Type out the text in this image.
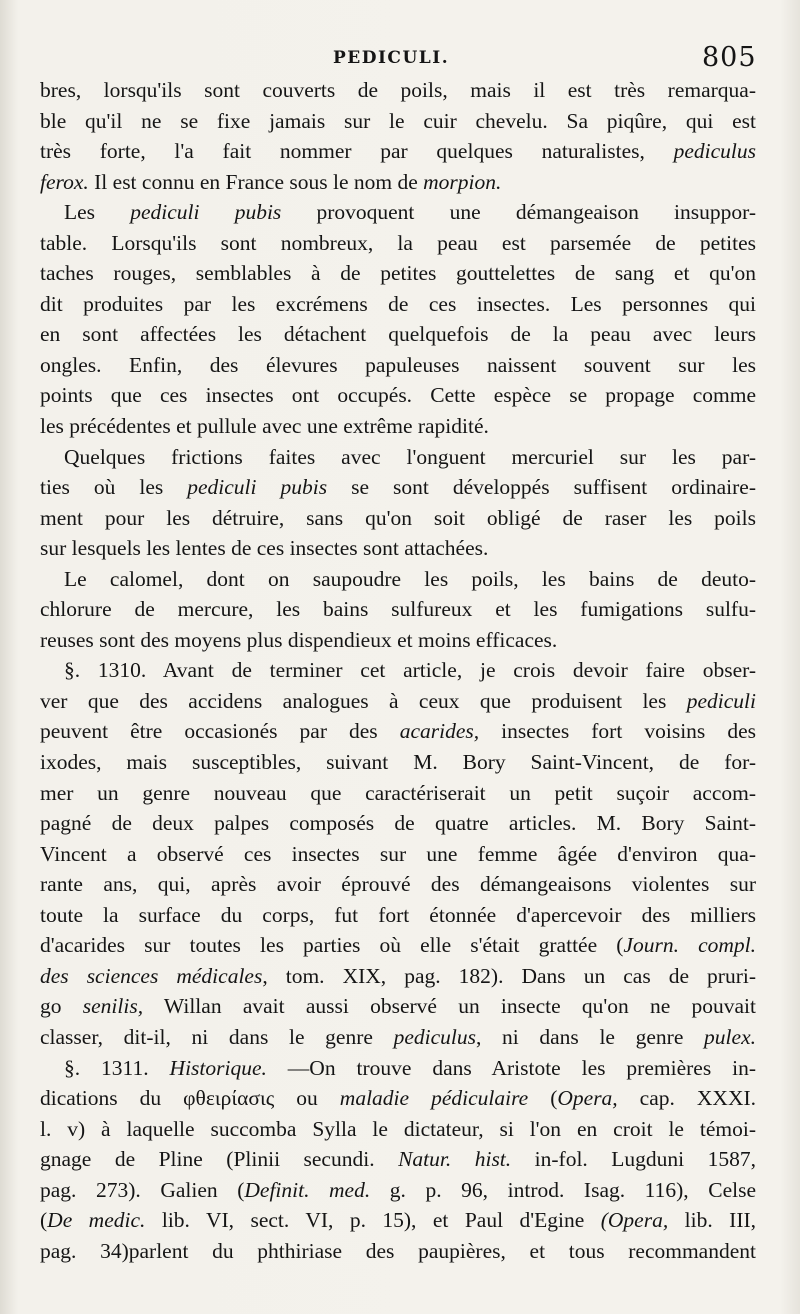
PEDICULI.	805
bres, lorsqu'ils sont couverts de poils, mais il est très remarqua-
ble qu'il ne se fixe jamais sur le cuir chevelu. Sa piqûre, qui est
très forte, l'a fait nommer par quelques naturalistes, pediculus
ferox. Il est connu en France sous le nom de morpion.
Les pediculi pubis provoquent une démangeaison insuppor-
table. Lorsqu'ils sont nombreux, la peau est parsemée de petites
taches rouges, semblables à de petites gouttelettes de sang et qu'on
dit produites par les excrémens de ces insectes. Les personnes qui
en sont affectées les détachent quelquefois de la peau avec leurs
ongles. Enfin, des élevures papuleuses naissent souvent sur les
points que ces insectes ont occupés. Cette espèce se propage comme
les précédentes et pullule avec une extrême rapidité.
Quelques frictions faites avec l'onguent mercuriel sur les par-
ties où les pediculi pubis se sont développés suffisent ordinaire-
ment pour les détruire, sans qu'on soit obligé de raser les poils
sur lesquels les lentes de ces insectes sont attachées.
Le calomel, dont on saupoudre les poils, les bains de deuto-
chlorure de mercure, les bains sulfureux et les fumigations sulfu-
reuses sont des moyens plus dispendieux et moins efficaces.
§. 1310. Avant de terminer cet article, je crois devoir faire obser-
ver que des accidens analogues à ceux que produisent les pediculi
peuvent être occasionés par des acarides, insectes fort voisins des
ixodes, mais susceptibles, suivant M. Bory Saint-Vincent, de for-
mer un genre nouveau que caractériserait un petit suçoir accom-
pagné de deux palpes composés de quatre articles. M. Bory Saint-
Vincent a observé ces insectes sur une femme âgée d'environ qua-
rante ans, qui, après avoir éprouvé des démangeaisons violentes sur
toute la surface du corps, fut fort étonnée d'apercevoir des milliers
d'acarides sur toutes les parties où elle s'était grattée (Journ. compl.
des sciences médicales, tom. XIX, pag. 182). Dans un cas de pruri-
go senilis, Willan avait aussi observé un insecte qu'on ne pouvait
classer, dit-il, ni dans le genre pediculus, ni dans le genre pulex.
§. 1311. Historique. —On trouve dans Aristote les premières in-
dications du φθειρίασις ou maladie pédiculaire (Opera, cap. XXXI.
l. v) à laquelle succomba Sylla le dictateur, si l'on en croit le témoi-
gnage de Pline (Plinii secundi. Natur. hist. in-fol. Lugduni 1587,
pag. 273). Galien (Definit. med. g. p. 96, introd. Isag. 116), Celse
(De medic. lib. VI, sect. VI, p. 15), et Paul d'Egine (Opera, lib. III,
pag. 34)parlent du phthiriase des paupières, et tous recommandent
